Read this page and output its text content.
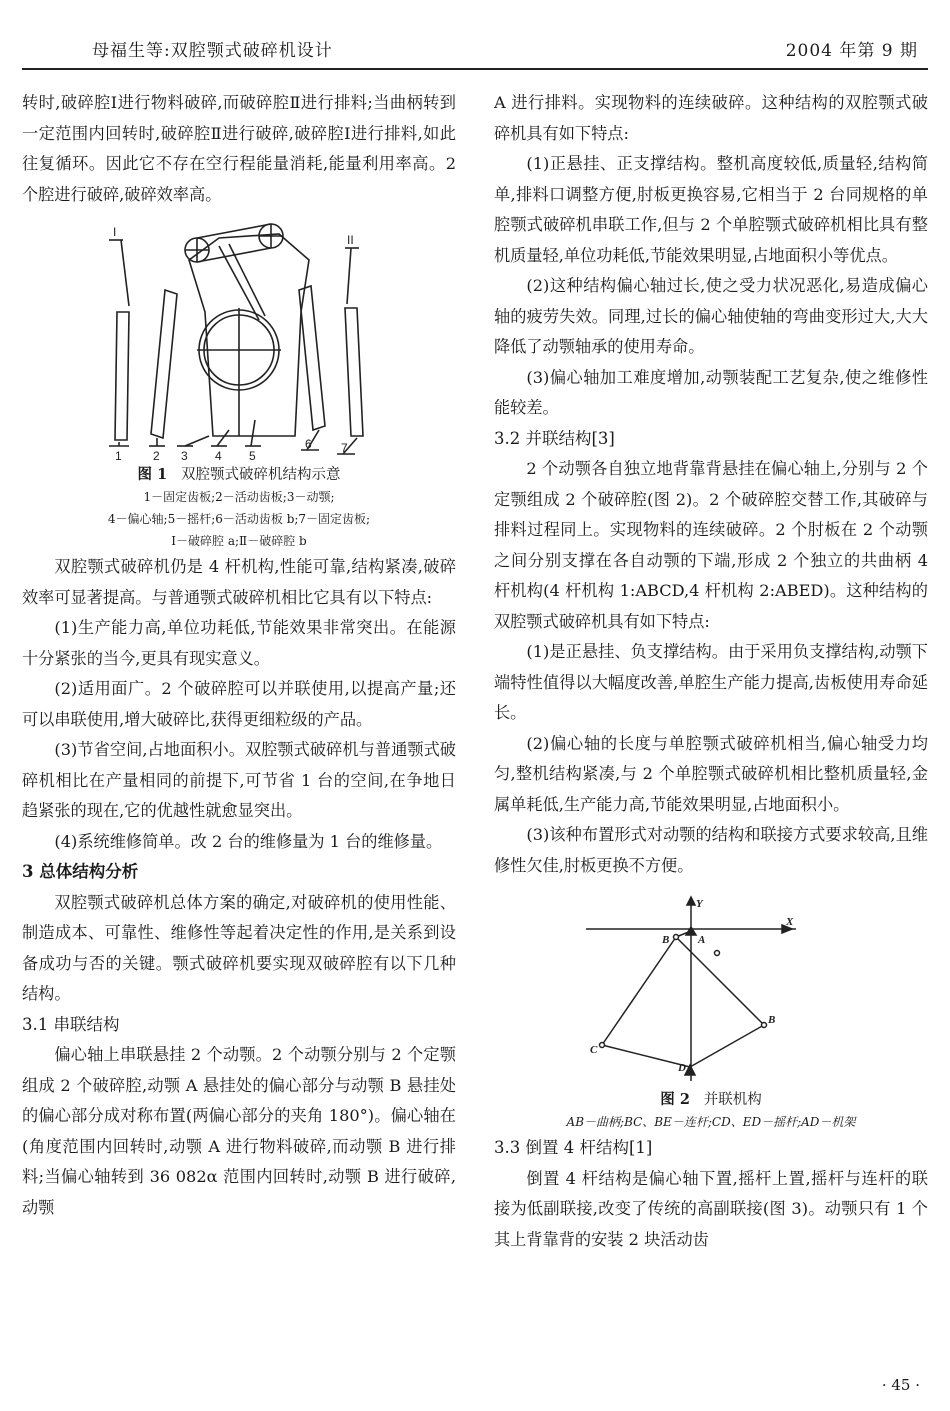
母福生等:双腔颚式破碎机设计	2004 年第 9 期

转时,破碎腔Ⅰ进行物料破碎,而破碎腔Ⅱ进行排料;当曲柄转到一定范围内回转时,破碎腔Ⅱ进行破碎,破碎腔Ⅰ进行排料,如此往复循环。因此它不存在空行程能量消耗,能量利用率高。2 个腔进行破碎,破碎效率高。

I
II
1	2 3 4 5
6 7
图 1 双腔颚式破碎机结构示意
1－固定齿板;2－活动齿板;3－动颚;
4－偏心轴;5－摇杆;6－活动齿板 b;7－固定齿板;
Ⅰ－破碎腔 a;Ⅱ－破碎腔 b

双腔颚式破碎机仍是 4 杆机构,性能可靠,结构紧凑,破碎效率可显著提高。与普通颚式破碎机相比它具有以下特点:

(1)生产能力高,单位功耗低,节能效果非常突出。在能源十分紧张的当今,更具有现实意义。

(2)适用面广。2 个破碎腔可以并联使用,以提高产量;还可以串联使用,增大破碎比,获得更细粒级的产品。

(3)节省空间,占地面积小。双腔颚式破碎机与普通颚式破碎机相比在产量相同的前提下,可节省 1 台的空间,在争地日趋紧张的现在,它的优越性就愈显突出。

(4)系统维修简单。改 2 台的维修量为 1 台的维修量。

3 总体结构分析

双腔颚式破碎机总体方案的确定,对破碎机的使用性能、制造成本、可靠性、维修性等起着决定性的作用,是关系到设备成功与否的关键。颚式破碎机要实现双破碎腔有以下几种结构。

3.1 串联结构

偏心轴上串联悬挂 2 个动颚。2 个动颚分别与 2 个定颚组成 2 个破碎腔,动颚 A 悬挂处的偏心部分与动颚 B 悬挂处的偏心部分成对称布置(两偏心部分的夹角 180°)。偏心轴在(角度范围内回转时,动颚 A 进行物料破碎,而动颚 B 进行排料;当偏心轴转到 36 082α 范围内回转时,动颚 B 进行破碎,动颚

A 进行排料。实现物料的连续破碎。这种结构的双腔颚式破碎机具有如下特点:

(1)正悬挂、正支撑结构。整机高度较低,质量轻,结构简单,排料口调整方便,肘板更换容易,它相当于 2 台同规格的单腔颚式破碎机串联工作,但与 2 个单腔颚式破碎机相比具有整机质量轻,单位功耗低,节能效果明显,占地面积小等优点。

(2)这种结构偏心轴过长,使之受力状况恶化,易造成偏心轴的疲劳失效。同理,过长的偏心轴使轴的弯曲变形过大,大大降低了动颚轴承的使用寿命。

(3)偏心轴加工难度增加,动颚装配工艺复杂,使之维修性能较差。

3.2 并联结构[3]

2 个动颚各自独立地背靠背悬挂在偏心轴上,分别与 2 个定颚组成 2 个破碎腔(图 2)。2 个破碎腔交替工作,其破碎与排料过程同上。实现物料的连续破碎。2 个肘板在 2 个动颚之间分别支撑在各自动颚的下端,形成 2 个独立的共曲柄 4 杆机构(4 杆机构 1:ABCD,4 杆机构 2:ABED)。这种结构的双腔颚式破碎机具有如下特点:

(1)是正悬挂、负支撑结构。由于采用负支撑结构,动颚下端特性值得以大幅度改善,单腔生产能力提高,齿板使用寿命延长。

(2)偏心轴的长度与单腔颚式破碎机相当,偏心轴受力均匀,整机结构紧凑,与 2 个单腔颚式破碎机相比整机质量轻,金属单耗低,生产能力高,节能效果明显,占地面积小。

(3)该种布置形式对动颚的结构和联接方式要求较高,且维修性欠佳,肘板更换不方便。

Y
X
B	A
B
C
D
图 2 并联机构
AB－曲柄;BC、BE－连杆;CD、ED－摇杆;AD－机架
3.3 倒置 4 杆结构[1]

倒置 4 杆结构是偏心轴下置,摇杆上置,摇杆与连杆的联接为低副联接,改变了传统的高副联接(图 3)。动颚只有 1 个其上背靠背的安装 2 块活动齿

· 45 ·
